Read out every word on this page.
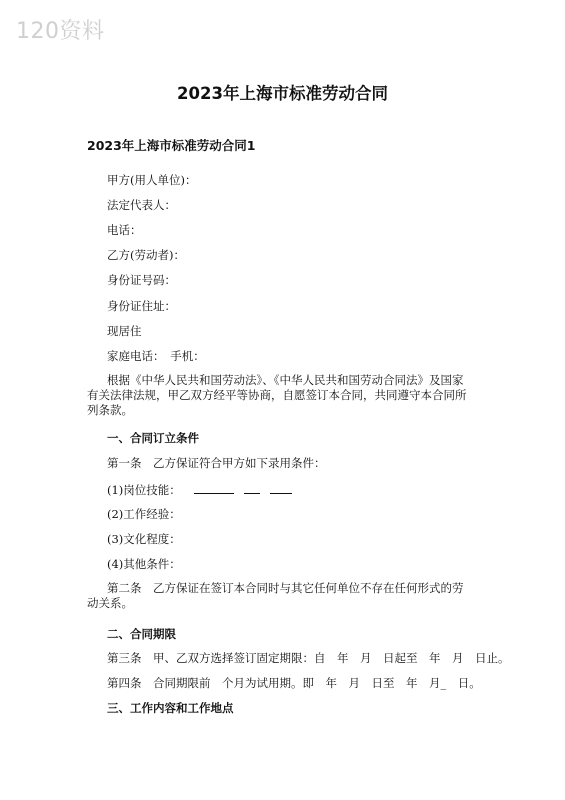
120资料
2023年上海市标准劳动合同
2023年上海市标准劳动合同1
甲方(用人单位)：
法定代表人：
电话：
乙方(劳动者)：
身份证号码：
身份证住址：
现居住
家庭电话：　手机：
根据《中华人民共和国劳动法》、《中华人民共和国劳动合同法》及国家有关法律法规，甲乙双方经平等协商，自愿签订本合同，共同遵守本合同所列条款。
一、合同订立条件
第一条　乙方保证符合甲方如下录用条件：
(1)岗位技能：
(2)工作经验：
(3)文化程度：
(4)其他条件：
第二条　乙方保证在签订本合同时与其它任何单位不存在任何形式的劳动关系。
二、合同期限
第三条　甲、乙双方选择签订固定期限：自　年　月　日起至　年　月　日止。
第四条　合同期限前　个月为试用期。即　年　月　日至　年　月_　日。
三、工作内容和工作地点
